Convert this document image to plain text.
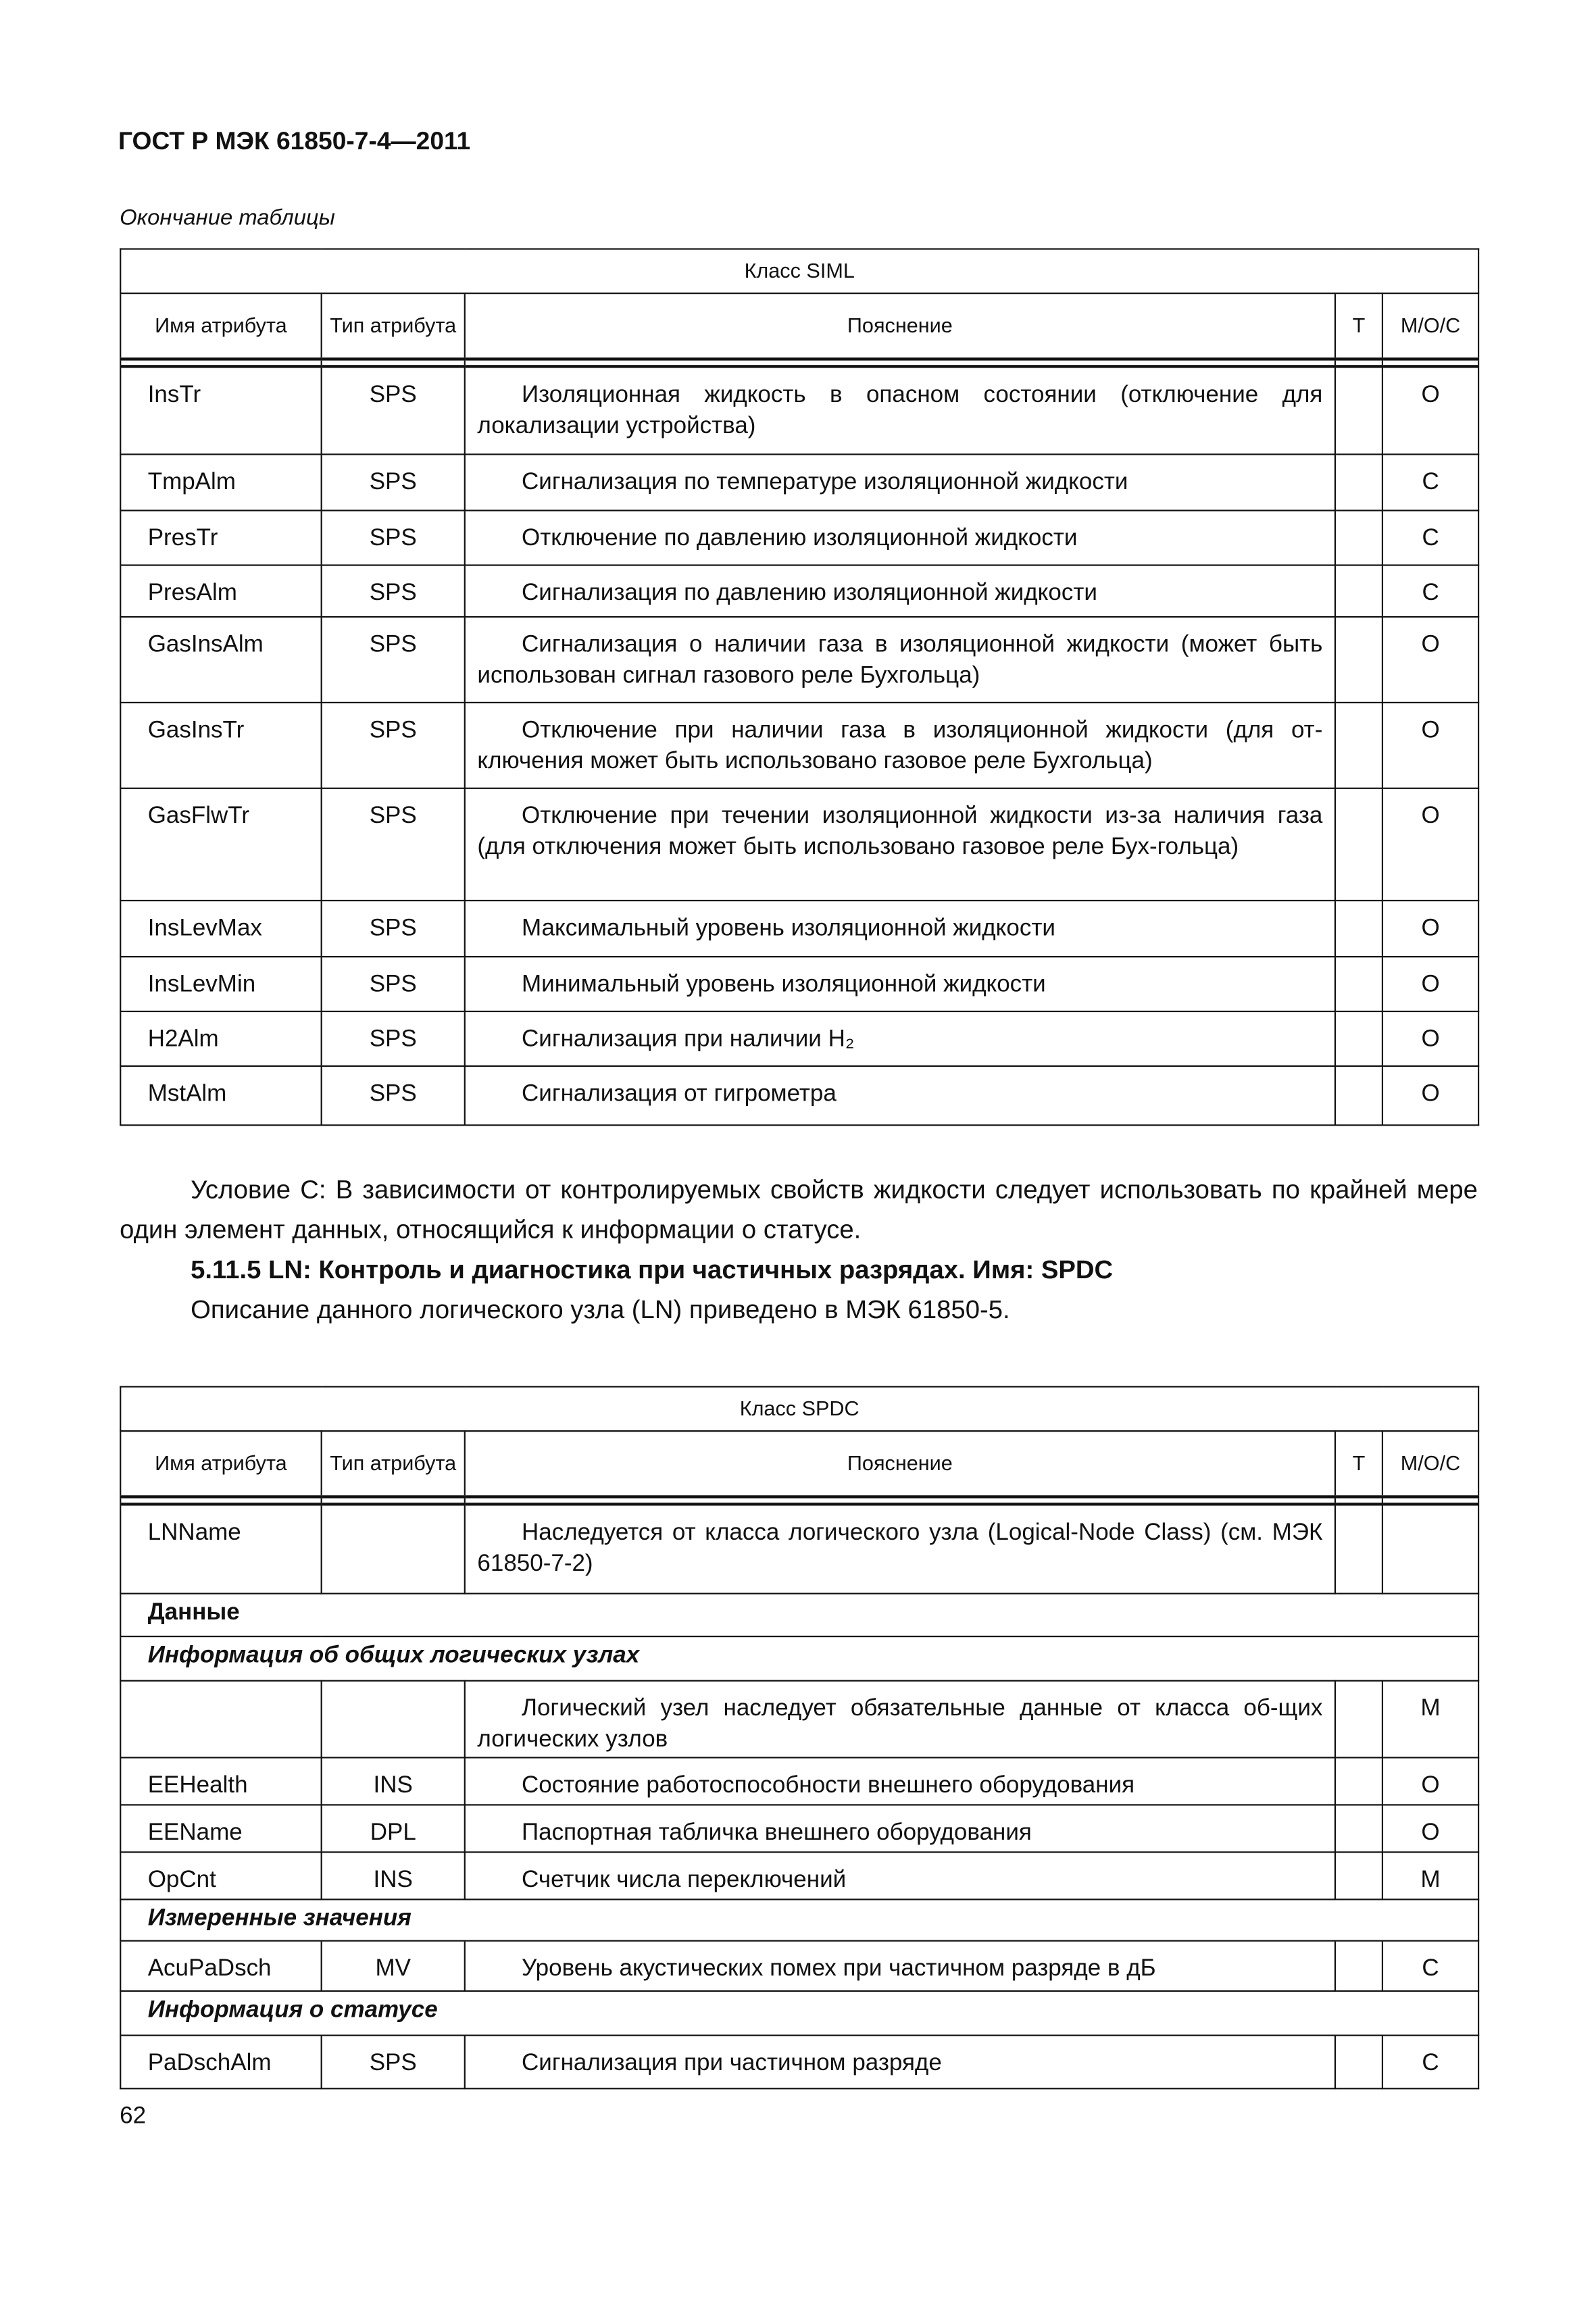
ГОСТ Р МЭК 61850-7-4—2011
Окончание таблицы
Класс SIML				
Имя атрибута	Тип атрибута	Пояснение	Т	М/О/С

InsTr	SPS	Изоляционная жидкость в опасном состоянии (отключение для локализации устройства)		O
TmpAlm	SPS	Сигнализация по температуре изоляционной жидкости		C
PresTr	SPS	Отключение по давлению изоляционной жидкости		C
PresAlm	SPS	Сигнализация по давлению изоляционной жидкости		C
GasInsAlm	SPS	Сигнализация о наличии газа в изоляционной жидкости (может быть использован сигнал газового реле Бухгольца)		O
GasInsTr	SPS	Отключение при наличии газа в изоляционной жидкости (для от-ключения может быть использовано газовое реле Бухгольца)		O
GasFlwTr	SPS	Отключение при течении изоляционной жидкости из-за наличия газа (для отключения может быть использовано газовое реле Бух-гольца)		O
InsLevMax	SPS	Максимальный уровень изоляционной жидкости		O
InsLevMin	SPS	Минимальный уровень изоляционной жидкости		O
H2Alm	SPS	Сигнализация при наличии H₂		O
MstAlm	SPS	Сигнализация от гигрометра		O
Условие С: В зависимости от контролируемых свойств жидкости следует использовать по крайней мере один элемент данных, относящийся к информации о статусе.
5.11.5 LN: Контроль и диагностика при частичных разрядах. Имя: SPDC
Описание данного логического узла (LN) приведено в МЭК 61850-5.
Класс SPDC				
Имя атрибута	Тип атрибута	Пояснение	Т	М/О/С

LNName		Наследуется от класса логического узла (Logical-Node Class) (см. МЭК 61850-7-2)		

Данные				
Информация об общих логических узлах				

		Логический узел наследует обязательные данные от класса об-щих логических узлов		M
EEHealth	INS	Состояние работоспособности внешнего оборудования		O
EEName	DPL	Паспортная табличка внешнего оборудования		O
OpCnt	INS	Счетчик числа переключений		M
Измеренные значения				
AcuPaDsch	MV	Уровень акустических помех при частичном разряде в дБ		C
Информация о статусе				
PaDschAlm	SPS	Сигнализация при частичном разряде		C
62
